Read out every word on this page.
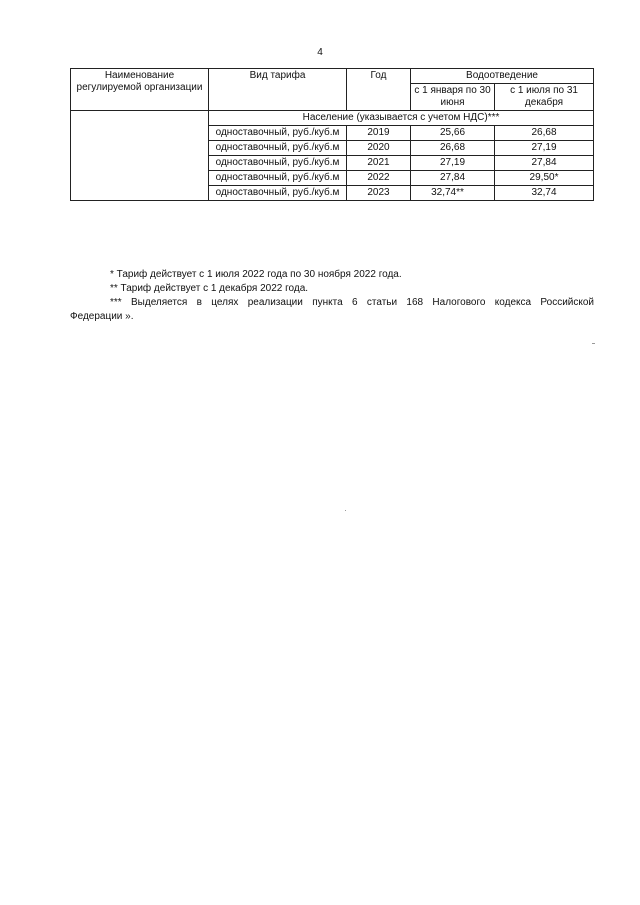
4
Наименование регулируемой организации	Вид тарифа	Год	Водоотведение	
			с 1 января по 30 июня	с 1 июля по 31 декабря
	Население (указывается с учетом НДС)***			
	одноставочный, руб./куб.м	2019	25,66	26,68
	одноставочный, руб./куб.м	2020	26,68	27,19
	одноставочный, руб./куб.м	2021	27,19	27,84
	одноставочный, руб./куб.м	2022	27,84	29,50*
	одноставочный, руб./куб.м	2023	32,74**	32,74
* Тариф действует с 1 июля 2022 года по 30 ноября 2022 года.
** Тариф действует с 1 декабря 2022 года.
*** Выделяется в целях реализации пункта 6 статьи 168 Налогового кодекса Российской
Федерации ».
